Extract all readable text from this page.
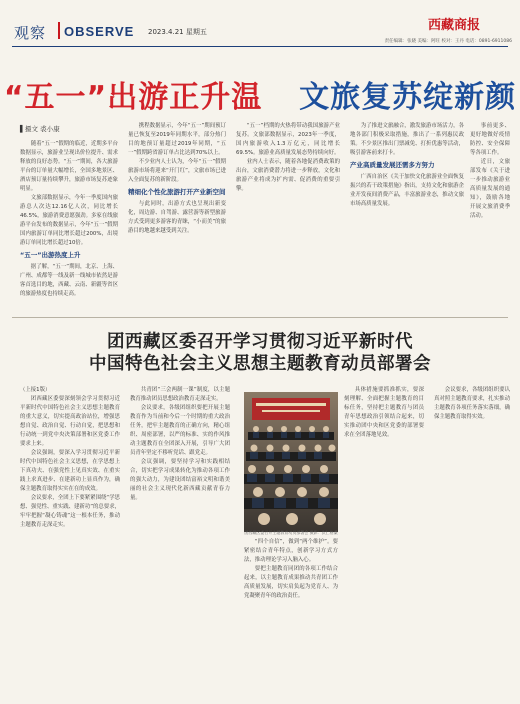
观察 OBSERVE 2023.4.21 星期五	西藏商报
责任编辑：张晓 美编：阿旺 校对：王丹 电话：0891-6911086
“五一”出游正升温 文旅复苏绽新颜
▌摄文 裘小康

随着“五一”假期的临近，近期多平台数据显示，旅游业呈现出价位提升、需求释放的良好态势。“五一”期间，各大旅游平台的订单量大幅增长，全国多地景区、酒店预订量持续攀升，旅游市场复苏迹象明显。

文旅部数据显示，今年一季度国内旅游总人次达12.16亿人次，同比增长46.5%，旅游消费意愿强劲。多家在线旅游平台发布的数据显示，今年“五一”假期国内旅游订单同比增长超过200%，出境游订单同比增长超过10倍。

“五一”出游热度上升

据了解，“五一”期间，北京、上海、广州、成都等一线及新一线城市依然是游客首选目的地，西藏、云南、新疆等省区的旅游热度也持续走高。

携程数据显示，今年“五一”期间预订量已恢复至2019年同期水平，部分热门目的地预订量超过2019年同期，“五一”假期跨省游订单占比达到70%以上。

不少业内人士认为，今年“五一”假期旅游市场将迎来“开门红”，文旅市场已进入全面复苏的新阶段。

精细化个性化旅游打开产业新空间

与此同时，出游方式也呈现出新变化，周边游、自驾游、露营游等新型旅游方式受到更多游客的青睐，“小而美”的旅游目的地越来越受到关注。

“五一”档期的火热将带动我国旅游产业复苏。文旅部数据显示，2023年一季度，国内旅游收入1.3万亿元，同比增长69.5%。旅游业高质量发展态势持续向好。

业内人士表示，随着各地促消费政策的出台，文旅消费潜力将进一步释放，文化和旅游产业将成为扩内需、促消费的重要引擎。

为了推进文旅融合，激发旅游市场活力，各地各部门积极采取措施，推出了一系列惠民政策。不少景区推出门票减免、打折优惠等活动，吸引游客前来打卡。

产业高质量发展还需多方努力

广西自治区《关于加快文化旅游业全面恢复振兴的若干政策措施》指出，支持文化和旅游企业开发夜间消费产品，丰富旅游业态，推动文旅市场高质量发展。

事前更多、更好地做好疫情防控、安全保障等各项工作。

近日，文旅部发布《关于进一步推动旅游业高质量发展的通知》，鼓励各地开展文旅消费季活动。

团西藏区委召开学习贯彻习近平新时代
中国特色社会主义思想主题教育动员部署会

（上接1版）

团西藏区委要深刻领会学习贯彻习近平新时代中国特色社会主义思想主题教育的重大意义，切实提高政治站位，增强思想自觉、政治自觉、行动自觉，把思想和行动统一到党中央决策部署和区党委工作要求上来。

会议强调，要深入学习贯彻习近平新时代中国特色社会主义思想，在学思想上下真功夫、在强党性上见真实效、在重实践上求真进步、在建新功上显真作为，确保主题教育取得实实在在的成效。

会议要求，全团上下要紧紧围绕“学思想、强党性、重实践、建新功”的总要求，牢牢把握“凝心铸魂”这一根本任务，推动主题教育走深走实。

共青团“三会两制一课”制度，以主题教育推动团员思想政治教育走深走实。

会议要求，各级团组织要把开展主题教育作为当前和今后一个时期的重大政治任务，把牢主题教育的正确方向，精心组织、周密部署，以严的标准、实的作风推动主题教育在全团深入开展，引导广大团员青年坚定不移听党话、跟党走。

会议强调，要坚持学习和实践相结合，切实把学习成果转化为推动各项工作的强大动力，为建设团结富裕文明和谐美丽的社会主义现代化新西藏贡献青春力量。

团西藏区委召开主题教育动员部署会 摄影：次仁格桑

“四个自信”，做到“两个维护”。要紧密结合青年特点，创新学习方式方法，推动理论学习入脑入心。

要把主题教育同团的各项工作结合起来，以主题教育成果推动共青团工作高质量发展，切实肩负起为党育人、为党凝聚青年的政治责任。

具体措施要抓准抓实，要深刻理解、全面把握主题教育的目标任务，坚持把主题教育与团员青年思想政治引领结合起来，切实推动团中央和区党委的部署要求在全团落地见效。

会议要求，各级团组织要认真对照主题教育要求，扎实推动主题教育各项任务落实落细，确保主题教育取得实效。
